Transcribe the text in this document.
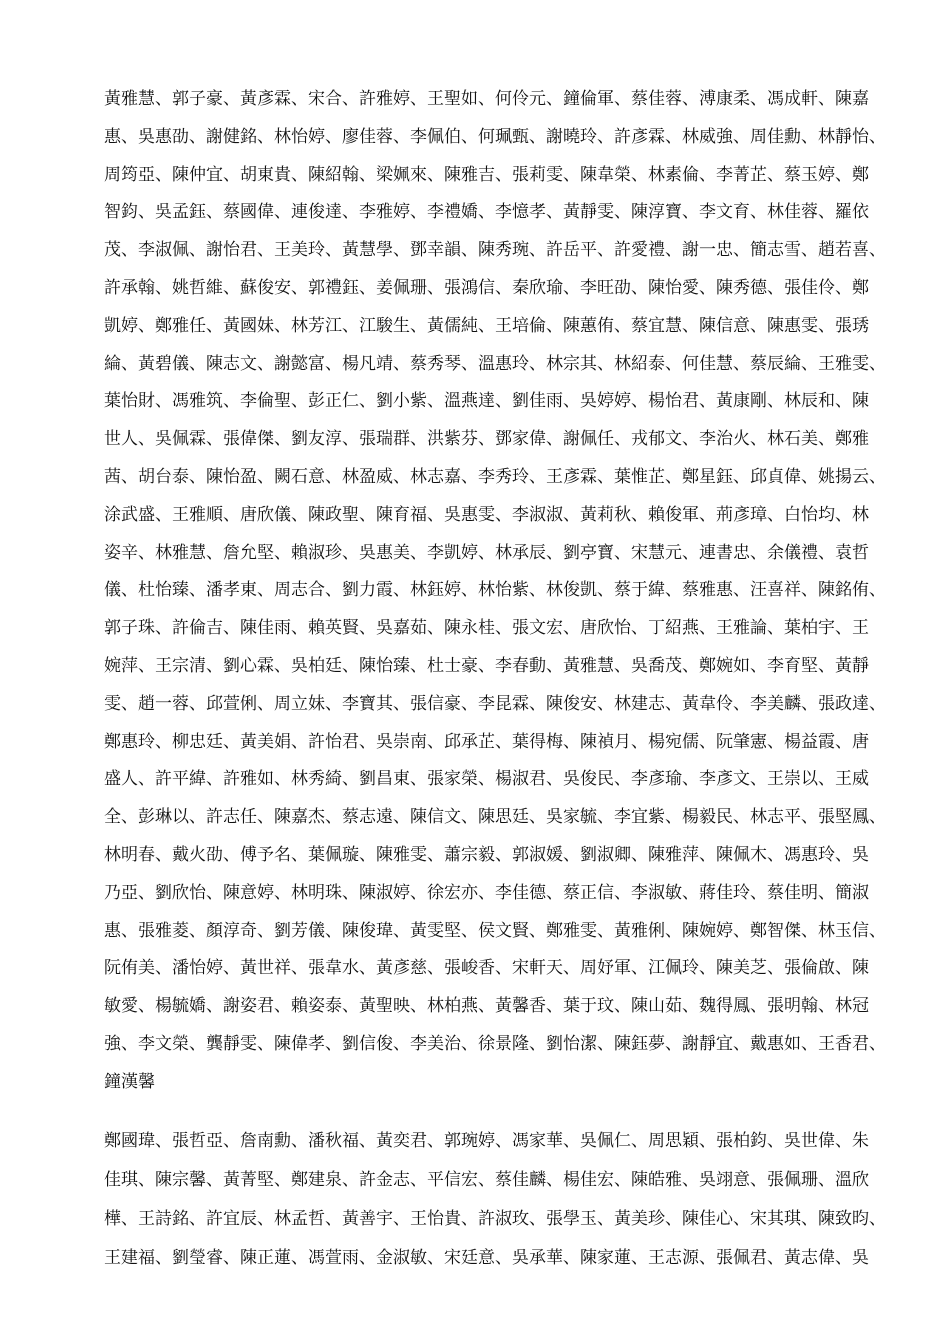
黃雅慧、郭子豪、黃彥霖、宋合、許雅婷、王聖如、何伶元、鐘倫軍、蔡佳蓉、溥康柔、馮成軒、陳嘉
惠、吳惠劭、謝健銘、林怡婷、廖佳蓉、李佩伯、何珮甄、謝曉玲、許彥霖、林威強、周佳勳、林靜怡、
周筠亞、陳仲宜、胡東貴、陳紹翰、梁姵來、陳雅吉、張莉雯、陳韋榮、林素倫、李菁芷、蔡玉婷、鄭
智鈞、吳孟鈺、蔡國偉、連俊達、李雅婷、李禮嬌、李憶孝、黃靜雯、陳淳寶、李文育、林佳蓉、羅依
茂、李淑佩、謝怡君、王美玲、黃慧學、鄧幸韻、陳秀琬、許岳平、許愛禮、謝一忠、簡志雪、趙若喜、
許承翰、姚哲維、蘇俊安、郭禮鈺、姜佩珊、張鴻信、秦欣瑜、李旺劭、陳怡愛、陳秀德、張佳伶、鄭
凱婷、鄭雅任、黃國妹、林芳江、江駿生、黃儒純、王培倫、陳蕙侑、蔡宜慧、陳信意、陳惠雯、張琇
綸、黃碧儀、陳志文、謝懿富、楊凡靖、蔡秀琴、溫惠玲、林宗其、林紹泰、何佳慧、蔡辰綸、王雅雯、
葉怡財、馮雅筑、李倫聖、彭正仁、劉小紫、溫燕達、劉佳雨、吳婷婷、楊怡君、黃康剛、林辰和、陳
世人、吳佩霖、張偉傑、劉友淳、張瑞群、洪紫芬、鄧家偉、謝佩任、戎郁文、李治火、林石美、鄭雅
茜、胡台泰、陳怡盈、闕石意、林盈威、林志嘉、李秀玲、王彥霖、葉惟芷、鄭星鈺、邱貞偉、姚揚云、
涂武盛、王雅順、唐欣儀、陳政聖、陳育福、吳惠雯、李淑淑、黃莉秋、賴俊軍、荊彥璋、白怡均、林
姿辛、林雅慧、詹允堅、賴淑珍、吳惠美、李凱婷、林承辰、劉亭寶、宋慧元、連書忠、余儀禮、袁哲
儀、杜怡臻、潘孝東、周志合、劉力霞、林鈺婷、林怡紫、林俊凱、蔡于緯、蔡雅惠、汪喜祥、陳銘侑、
郭子珠、許倫吉、陳佳雨、賴英賢、吳嘉茹、陳永桂、張文宏、唐欣怡、丁紹燕、王雅論、葉柏宇、王
婉萍、王宗清、劉心霖、吳柏廷、陳怡臻、杜士豪、李春動、黃雅慧、吳喬茂、鄭婉如、李育堅、黃靜
雯、趙一蓉、邱萱俐、周立妹、李寶其、張信豪、李昆霖、陳俊安、林建志、黃韋伶、李美麟、張政達、
鄭惠玲、柳忠廷、黃美娟、許怡君、吳崇南、邱承芷、葉得梅、陳禎月、楊宛儒、阮肇憲、楊益霞、唐
盛人、許平緯、許雅如、林秀綺、劉昌東、張家榮、楊淑君、吳俊民、李彥瑜、李彥文、王崇以、王威
全、彭琳以、許志任、陳嘉杰、蔡志遠、陳信文、陳思廷、吳家毓、李宜紫、楊毅民、林志平、張堅鳳、
林明春、戴火劭、傅予名、葉佩璇、陳雅雯、蕭宗毅、郭淑媛、劉淑卿、陳雅萍、陳佩木、馮惠玲、吳
乃亞、劉欣怡、陳意婷、林明珠、陳淑婷、徐宏亦、李佳德、蔡正信、李淑敏、蔣佳玲、蔡佳明、簡淑
惠、張雅菱、顏淳奇、劉芳儀、陳俊瑋、黃雯堅、侯文賢、鄭雅雯、黃雅俐、陳婉婷、鄭智傑、林玉信、
阮侑美、潘怡婷、黃世祥、張韋水、黃彥慈、張峻香、宋軒天、周妤軍、江佩玲、陳美芝、張倫啟、陳
敏愛、楊毓嬌、謝姿君、賴姿泰、黃聖映、林柏燕、黃馨香、葉于玟、陳山茹、魏得鳳、張明翰、林冠
強、李文榮、龔靜雯、陳偉孝、劉信俊、李美治、徐景隆、劉怡潔、陳鈺夢、謝靜宜、戴惠如、王香君、
鐘漢馨
鄭國瑋、張哲亞、詹南勳、潘秋福、黃奕君、郭琬婷、馮家華、吳佩仁、周思穎、張柏鈞、吳世偉、朱
佳琪、陳宗馨、黃菁堅、鄭建泉、許金志、平信宏、蔡佳麟、楊佳宏、陳皓雅、吳翊意、張佩珊、溫欣
樺、王詩銘、許宜辰、林孟哲、黃善宇、王怡貴、許淑玫、張學玉、黃美珍、陳佳心、宋其琪、陳致昀、
王建福、劉瑩睿、陳正蓮、馮萱雨、金淑敏、宋廷意、吳承華、陳家蓮、王志源、張佩君、黃志偉、吳
